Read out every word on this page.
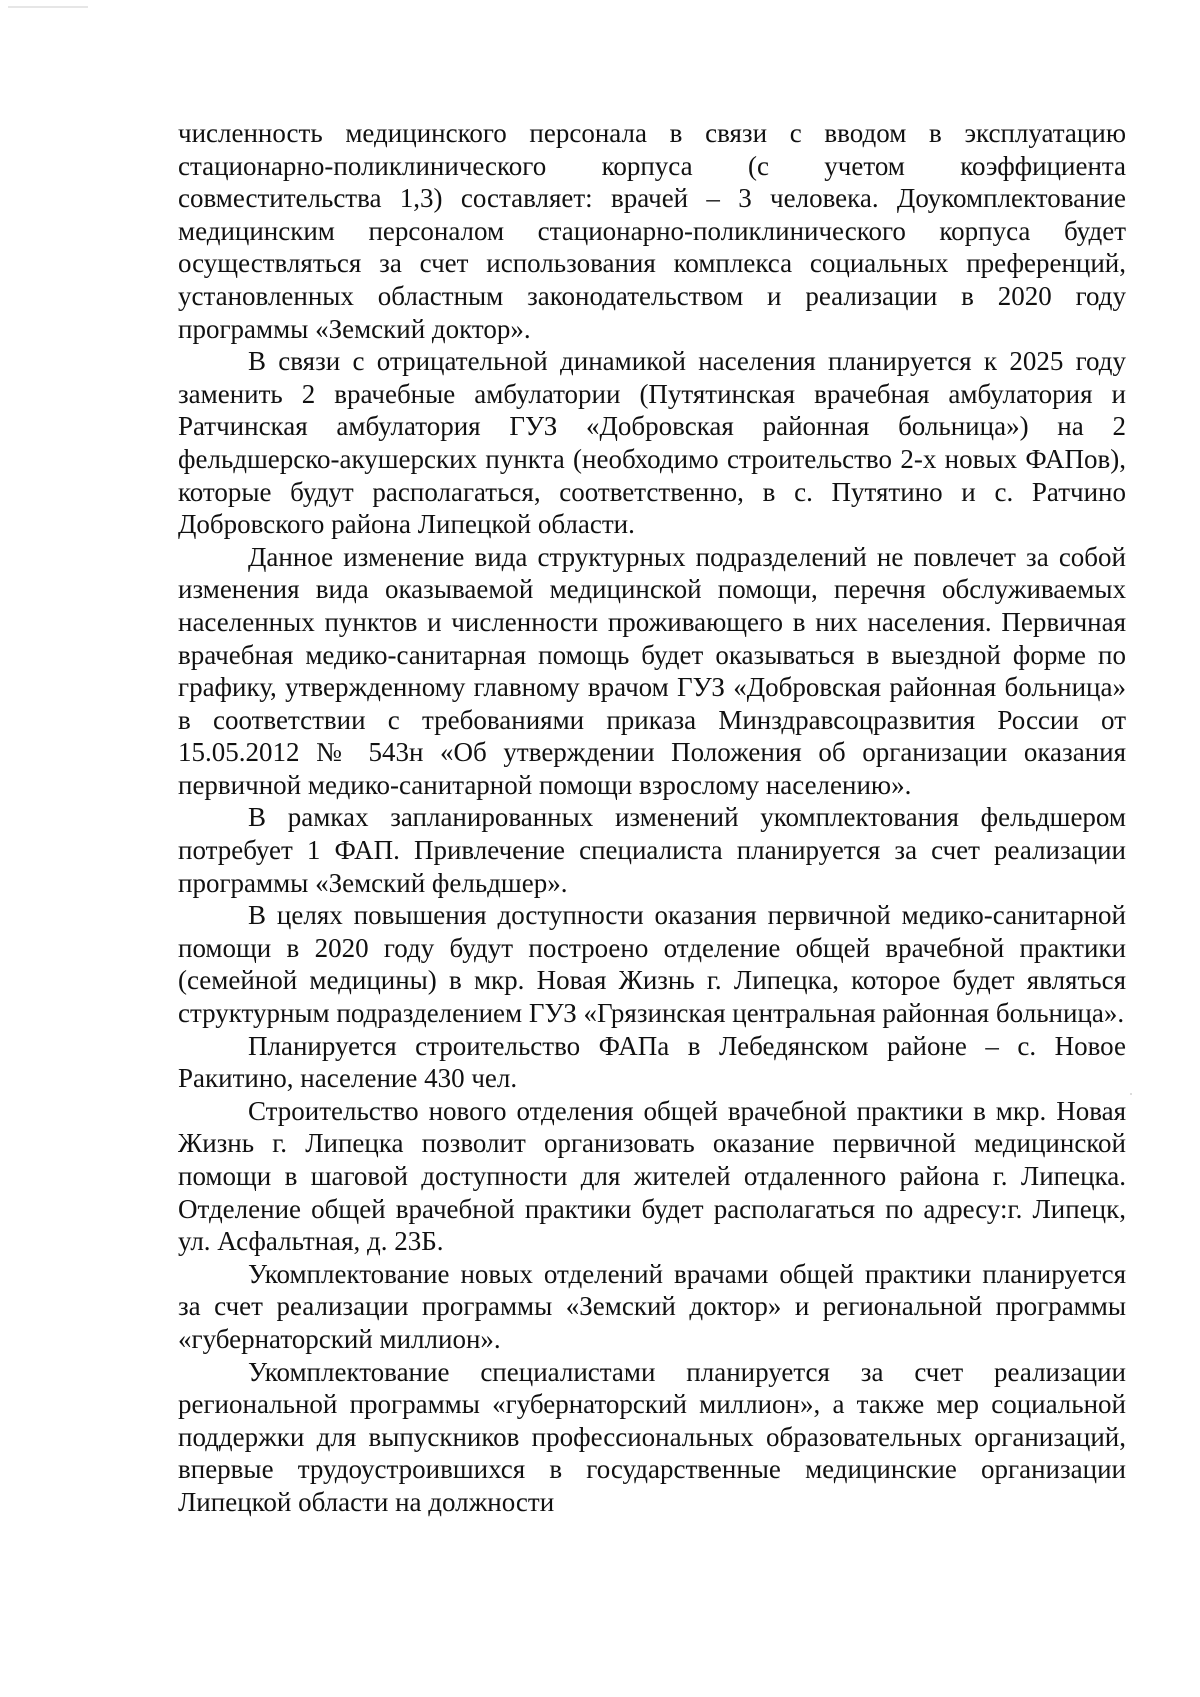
численность медицинского персонала в связи с вводом в эксплуатацию стационарно-поликлинического корпуса (с учетом коэффициента совместительства 1,3) составляет: врачей – 3 человека. Доукомплектование медицинским персоналом стационарно-поликлинического корпуса будет осуществляться за счет использования комплекса социальных преференций, установленных областным законодательством и реализации в 2020 году программы «Земский доктор».

В связи с отрицательной динамикой населения планируется к 2025 году заменить 2 врачебные амбулатории (Путятинская врачебная амбулатория и Ратчинская амбулатория ГУЗ «Добровская районная больница») на 2 фельдшерско-акушерских пункта (необходимо строительство 2-х новых ФАПов), которые будут располагаться, соответственно, в с. Путятино и с. Ратчино Добровского района Липецкой области.

Данное изменение вида структурных подразделений не повлечет за собой изменения вида оказываемой медицинской помощи, перечня обслуживаемых населенных пунктов и численности проживающего в них населения. Первичная врачебная медико-санитарная помощь будет оказываться в выездной форме по графику, утвержденному главному врачом ГУЗ «Добровская районная больница» в соответствии с требованиями приказа Минздравсоцразвития России от 15.05.2012 № 543н «Об утверждении Положения об организации оказания первичной медико-санитарной помощи взрослому населению».

В рамках запланированных изменений укомплектования фельдшером потребует 1 ФАП. Привлечение специалиста планируется за счет реализации программы «Земский фельдшер».

В целях повышения доступности оказания первичной медико-санитарной помощи в 2020 году будут построено отделение общей врачебной практики (семейной медицины) в мкр. Новая Жизнь г. Липецка, которое будет являться структурным подразделением ГУЗ «Грязинская центральная районная больница».

Планируется строительство ФАПа в Лебедянском районе – с. Новое Ракитино, население 430 чел.

Строительство нового отделения общей врачебной практики в мкр. Новая Жизнь г. Липецка позволит организовать оказание первичной медицинской помощи в шаговой доступности для жителей отдаленного района г. Липецка. Отделение общей врачебной практики будет располагаться по адресу:г. Липецк, ул. Асфальтная, д. 23Б.

Укомплектование новых отделений врачами общей практики планируется за счет реализации программы «Земский доктор» и региональной программы «губернаторский миллион».

Укомплектование специалистами планируется за счет реализации региональной программы «губернаторский миллион», а также мер социальной поддержки для выпускников профессиональных образовательных организаций, впервые трудоустроившихся в государственные медицинские организации Липецкой области на должности
